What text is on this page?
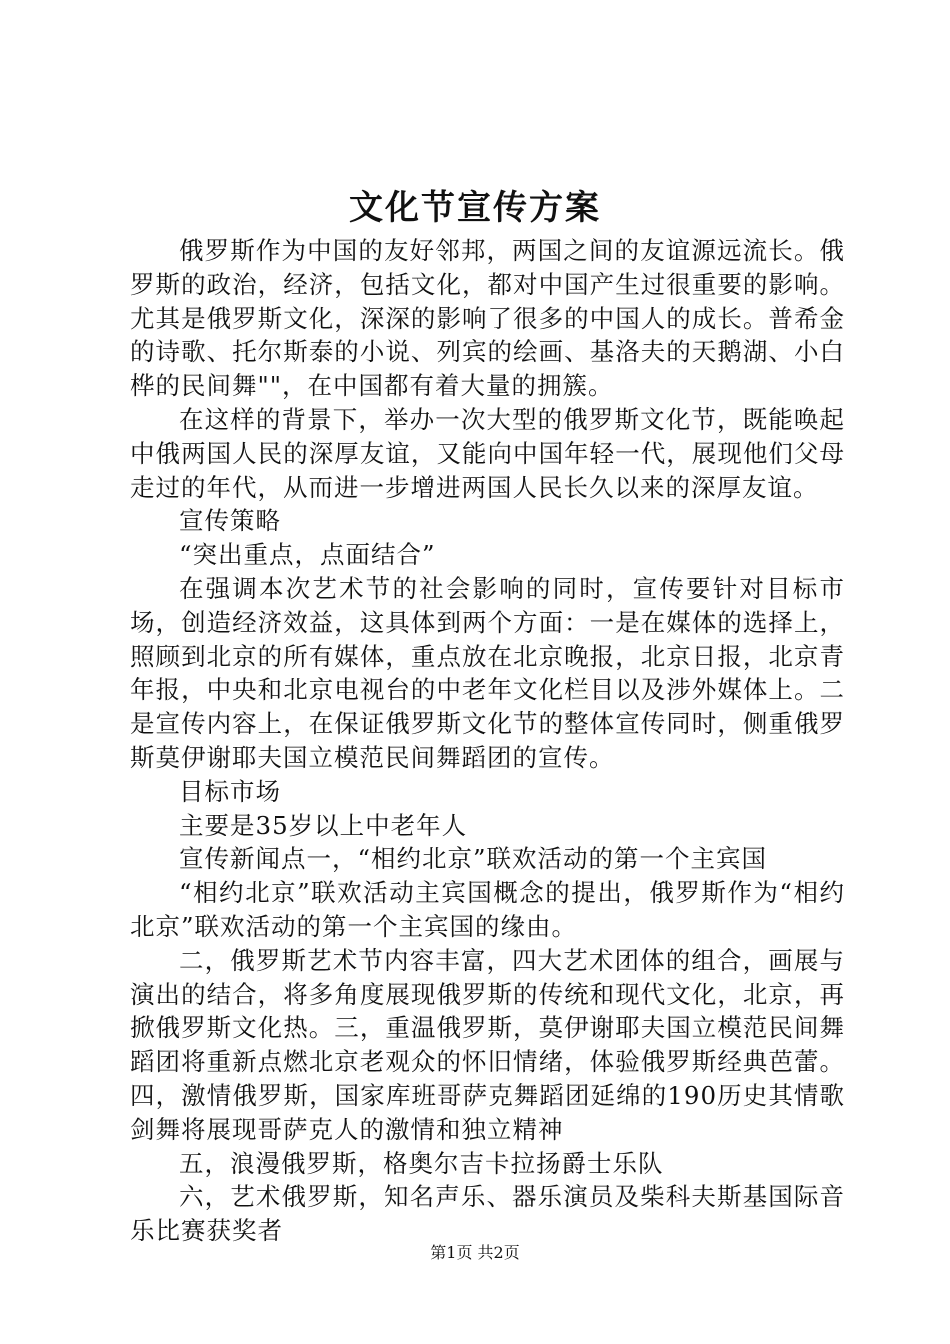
文化节宣传方案

俄罗斯作为中国的友好邻邦，两国之间的友谊源远流长。俄罗斯的政治，经济，包括文化，都对中国产生过很重要的影响。尤其是俄罗斯文化，深深的影响了很多的中国人的成长。普希金的诗歌、托尔斯泰的小说、列宾的绘画、基洛夫的天鹅湖、小白桦的民间舞""，在中国都有着大量的拥簇。

在这样的背景下，举办一次大型的俄罗斯文化节，既能唤起中俄两国人民的深厚友谊，又能向中国年轻一代，展现他们父母走过的年代，从而进一步增进两国人民长久以来的深厚友谊。

宣传策略

“突出重点，点面结合”

在强调本次艺术节的社会影响的同时，宣传要针对目标市场，创造经济效益，这具体到两个方面：一是在媒体的选择上，照顾到北京的所有媒体，重点放在北京晚报，北京日报，北京青年报，中央和北京电视台的中老年文化栏目以及涉外媒体上。二是宣传内容上，在保证俄罗斯文化节的整体宣传同时，侧重俄罗斯莫伊谢耶夫国立模范民间舞蹈团的宣传。

目标市场

主要是35岁以上中老年人

宣传新闻点一，“相约北京”联欢活动的第一个主宾国

“相约北京”联欢活动主宾国概念的提出，俄罗斯作为“相约北京”联欢活动的第一个主宾国的缘由。

二，俄罗斯艺术节内容丰富，四大艺术团体的组合，画展与演出的结合，将多角度展现俄罗斯的传统和现代文化，北京，再掀俄罗斯文化热。三，重温俄罗斯，莫伊谢耶夫国立模范民间舞蹈团将重新点燃北京老观众的怀旧情绪，体验俄罗斯经典芭蕾。四，激情俄罗斯，国家库班哥萨克舞蹈团延绵的190历史其情歌剑舞将展现哥萨克人的激情和独立精神

五，浪漫俄罗斯，格奥尔吉卡拉扬爵士乐队

六，艺术俄罗斯，知名声乐、器乐演员及柴科夫斯基国际音乐比赛获奖者

第1页 共2页
